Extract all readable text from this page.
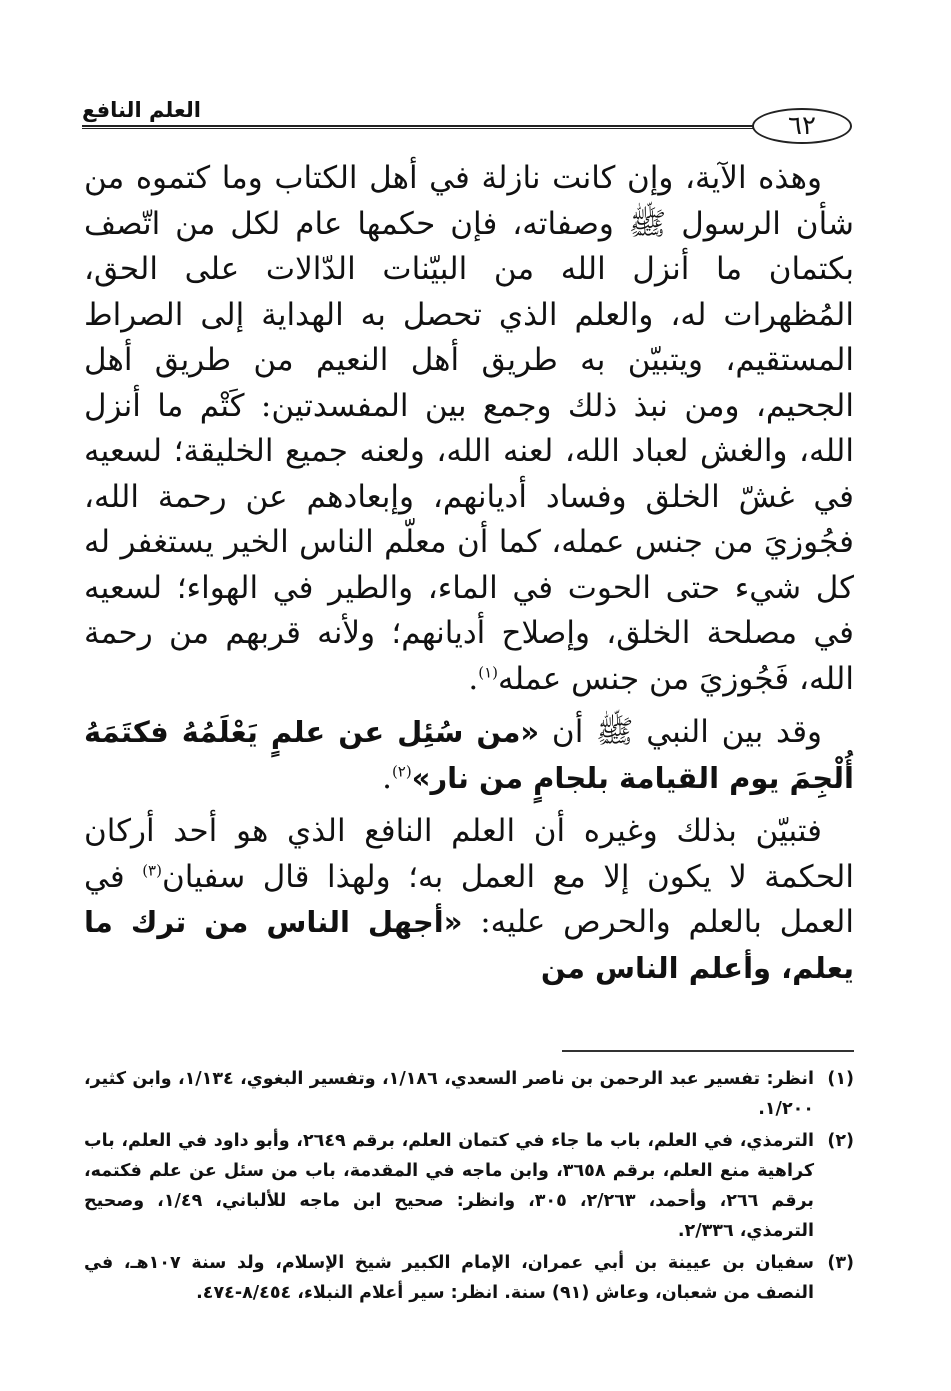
العلم النافع
٦٢

وهذه الآية، وإن كانت نازلة في أهل الكتاب وما كتموه من شأن الرسول ﷺ وصفاته، فإن حكمها عام لكل من اتّصف بكتمان ما أنزل الله من البيّنات الدّالات على الحق، المُظهرات له، والعلم الذي تحصل به الهداية إلى الصراط المستقيم، ويتبيّن به طريق أهل النعيم من طريق أهل الجحيم، ومن نبذ ذلك وجمع بين المفسدتين: كَتْم ما أنزل الله، والغش لعباد الله، لعنه الله، ولعنه جميع الخليقة؛ لسعيه في غشّ الخلق وفساد أديانهم، وإبعادهم عن رحمة الله، فجُوزيَ من جنس عمله، كما أن معلّم الناس الخير يستغفر له كل شيء حتى الحوت في الماء، والطير في الهواء؛ لسعيه في مصلحة الخلق، وإصلاح أديانهم؛ ولأنه قربهم من رحمة الله، فَجُوزيَ من جنس عمله$^{(١)}$.

وقد بين النبي ﷺ أن «من سُئِل عن علمٍ يَعْلَمُهُ فكتَمَهُ أُلْجِمَ يوم القيامة بلجامٍ من نار»$^{(٢)}$.

فتبيّن بذلك وغيره أن العلم النافع الذي هو أحد أركان الحكمة لا يكون إلا مع العمل به؛ ولهذا قال سفيان$^{(٣)}$ في العمل بالعلم والحرص عليه: «أجهل الناس من ترك ما يعلم، وأعلم الناس من

(١)
انظر: تفسير عبد الرحمن بن ناصر السعدي، ١/١٨٦، وتفسير البغوي، ١/١٣٤، وابن كثير، ١/٢٠٠.
(٢)
الترمذي، في العلم، باب ما جاء في كتمان العلم، برقم ٢٦٤٩، وأبو داود في العلم، باب كراهية منع العلم، برقم ٣٦٥٨، وابن ماجه في المقدمة، باب من سئل عن علم فكتمه، برقم ٢٦٦، وأحمد، ٢/٢٦٣، ٣٠٥، وانظر: صحيح ابن ماجه للألباني، ١/٤٩، وصحيح الترمذي، ٢/٣٣٦.
(٣)
سفيان بن عيينة بن أبي عمران، الإمام الكبير شيخ الإسلام، ولد سنة ١٠٧هـ، في النصف من شعبان، وعاش (٩١) سنة. انظر: سير أعلام النبلاء، ٨/٤٥٤-٤٧٤.
